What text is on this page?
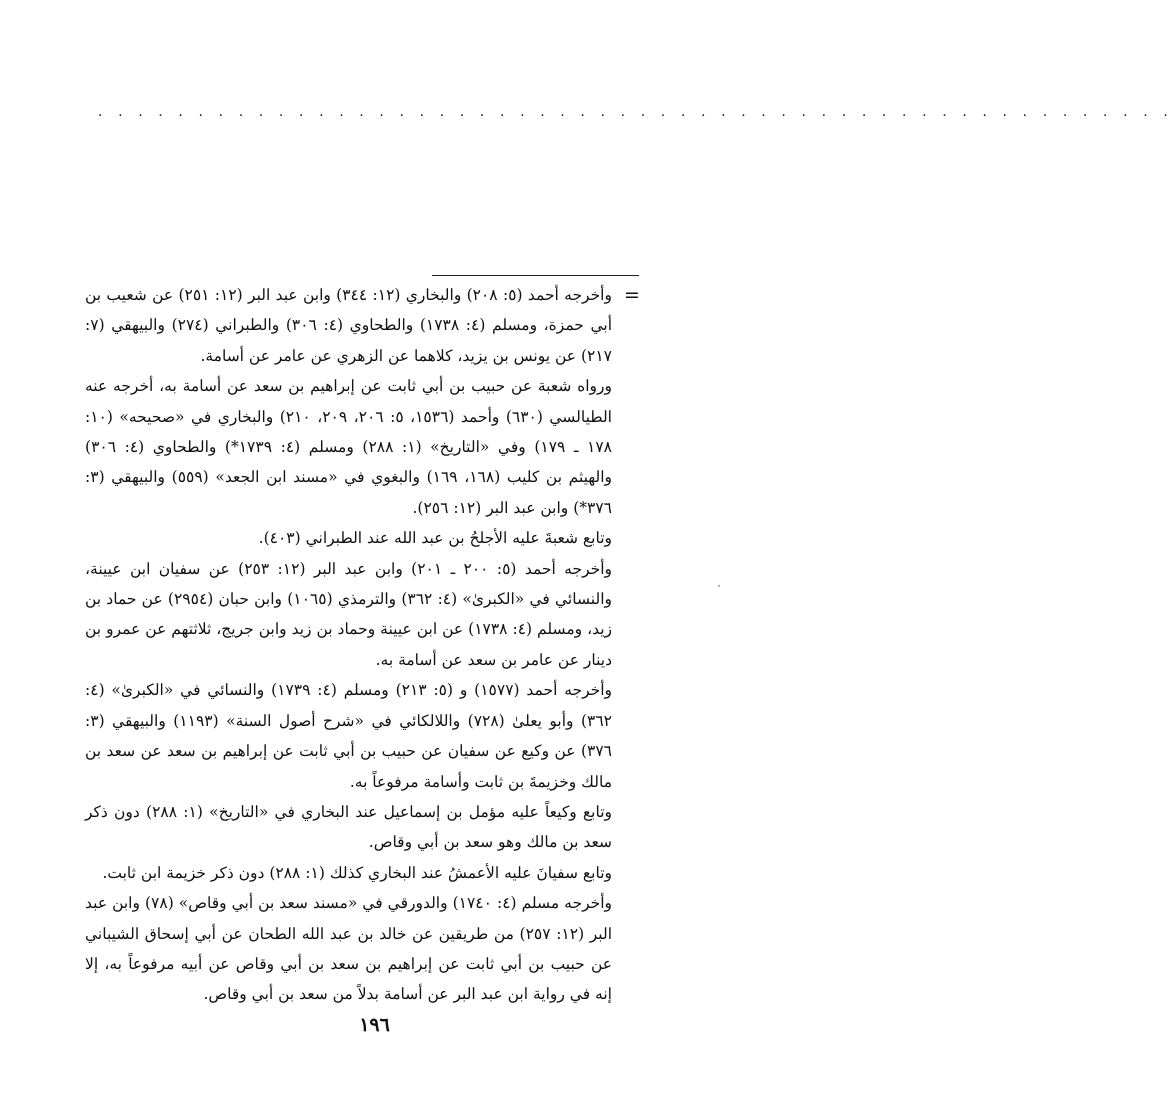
. . . . . . . . . . . . . . . . . . . . . . . . . . . . . . . . . . . . . . . . . . . . . . . . . . . . . .
=

وأخرجه أحمد (٥: ٢٠٨) والبخاري (١٢: ٣٤٤) وابن عبد البر (١٢: ٢٥١) عن شعيب بن أبي حمزة، ومسلم (٤: ١٧٣٨) والطحاوي (٤: ٣٠٦) والطبراني (٢٧٤) والبيهقي (٧: ٢١٧) عن يونس بن يزيد، كلاهما عن الزهري عن عامر عن أسامة.

ورواه شعبة عن حبيب بن أبي ثابت عن إبراهيم بن سعد عن أسامة به، أخرجه عنه الطيالسي (٦٣٠) وأحمد (١٥٣٦، ٥: ٢٠٦، ٢٠٩، ٢١٠) والبخاري في «صحيحه» (١٠: ١٧٨ ـ ١٧٩) وفي «التاريخ» (١: ٢٨٨) ومسلم (٤: ١٧٣٩*) والطحاوي (٤: ٣٠٦) والهيثم بن كليب (١٦٨، ١٦٩) والبغوي في «مسند ابن الجعد» (٥٥٩) والبيهقي (٣: ٣٧٦*) وابن عبد البر (١٢: ٢٥٦).

وتابع شعبةَ عليه الأجلحُ بن عبد الله عند الطبراني (٤٠٣).

وأخرجه أحمد (٥: ٢٠٠ ـ ٢٠١) وابن عبد البر (١٢: ٢٥٣) عن سفيان ابن عيينة، والنسائي في «الكبرىٰ» (٤: ٣٦٢) والترمذي (١٠٦٥) وابن حبان (٢٩٥٤) عن حماد بن زيد، ومسلم (٤: ١٧٣٨) عن ابن عيينة وحماد بن زيد وابن جريج، ثلاثتهم عن عمرو بن دينار عن عامر بن سعد عن أسامة به.

وأخرجه أحمد (١٥٧٧) و (٥: ٢١٣) ومسلم (٤: ١٧٣٩) والنسائي في «الكبرىٰ» (٤: ٣٦٢) وأبو يعلىٰ (٧٢٨) واللالكائي في «شرح أصول السنة» (١١٩٣) والبيهقي (٣: ٣٧٦) عن وكيع عن سفيان عن حبيب بن أبي ثابت عن إبراهيم بن سعد عن سعد بن مالك وخزيمةَ بن ثابت وأسامة مرفوعاً به.

وتابع وكيعاً عليه مؤمل بن إسماعيل عند البخاري في «التاريخ» (١: ٢٨٨) دون ذكر سعد بن مالك وهو سعد بن أبي وقاص.

وتابع سفيانَ عليه الأعمشُ عند البخاري كذلك (١: ٢٨٨) دون ذكر خزيمة ابن ثابت.

وأخرجه مسلم (٤: ١٧٤٠) والدورقي في «مسند سعد بن أبي وقاص» (٧٨) وابن عبد البر (١٢: ٢٥٧) من طريقين عن خالد بن عبد الله الطحان عن أبي إسحاق الشيباني عن حبيب بن أبي ثابت عن إبراهيم بن سعد بن أبي وقاص عن أبيه مرفوعاً به، إلا إنه في رواية ابن عبد البر عن أسامة بدلاً من سعد بن أبي وقاص.

١٩٦
